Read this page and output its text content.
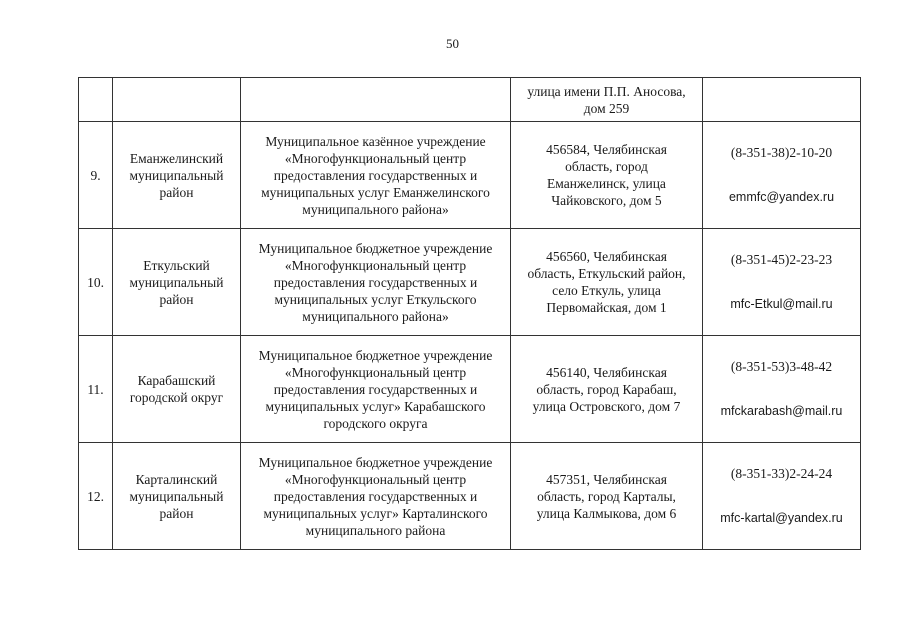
50
			улица имени П.П. Аносова,
дом 259	
9.	Еманжелинский
муниципальный
район	Муниципальное казённое учреждение
«Многофункциональный центр
предоставления государственных и
муниципальных услуг Еманжелинского
муниципального района»	456584, Челябинская
область, город
Еманжелинск, улица
Чайковского, дом 5	(8-351-38)2-10-20

emmfc@yandex.ru

10.	Еткульский
муниципальный
район	Муниципальное бюджетное учреждение
«Многофункциональный центр
предоставления государственных и
муниципальных услуг Еткульского
муниципального района»	456560, Челябинская
область, Еткульский район,
село Еткуль, улица
Первомайская, дом 1	(8-351-45)2-23-23

mfc-Etkul@mail.ru

11.	Карабашский
городской округ	Муниципальное бюджетное учреждение
«Многофункциональный центр
предоставления государственных и
муниципальных услуг» Карабашского
городского округа	456140, Челябинская
область, город Карабаш,
улица Островского, дом 7	(8-351-53)3-48-42

mfckarabash@mail.ru

12.	Карталинский
муниципальный
район	Муниципальное бюджетное учреждение
«Многофункциональный центр
предоставления государственных и
муниципальных услуг» Карталинского
муниципального района	457351, Челябинская
область, город Карталы,
улица Калмыкова, дом 6	(8-351-33)2-24-24

mfc-kartal@yandex.ru
